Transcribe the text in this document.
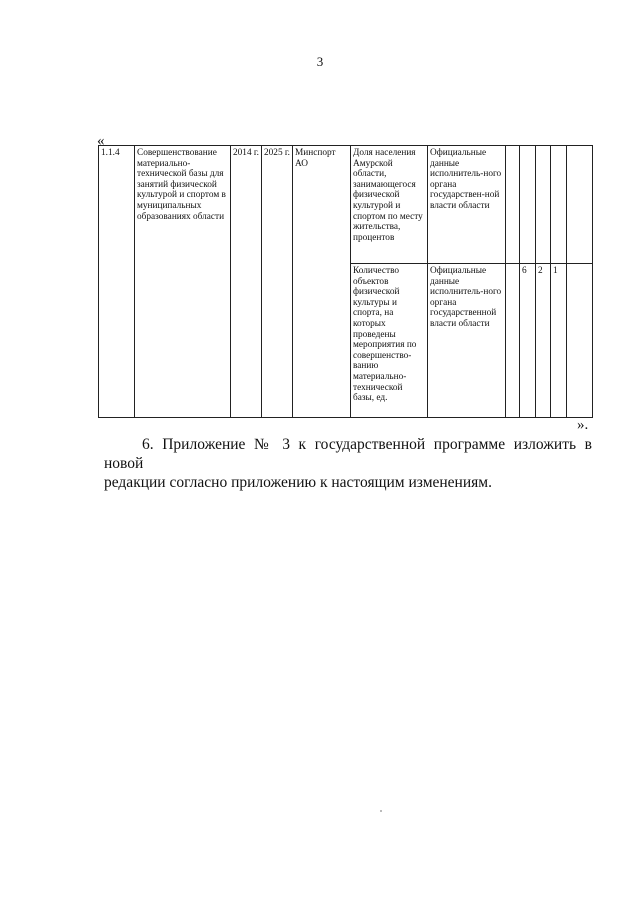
3
«
1.1.4	Совершенствование материально-технической базы для занятий физической культурой и спортом в муниципальных образованиях области	2014 г.	2025 г.	Минспорт АО	Доля населения Амурской области, занимающегося физической культурой и спортом по месту жительства, процентов	Официальные данные исполнитель-ного органа государствен-ной власти области					
					Количество объектов физической культуры и спорта, на которых проведены мероприятия по совершенство-ванию материально-технической базы, ед.	Официальные данные исполнитель-ного органа государственной власти области		6	2	1	
».
6. Приложение № 3 к государственной программе изложить в новой
редакции согласно приложению к настоящим изменениям.
